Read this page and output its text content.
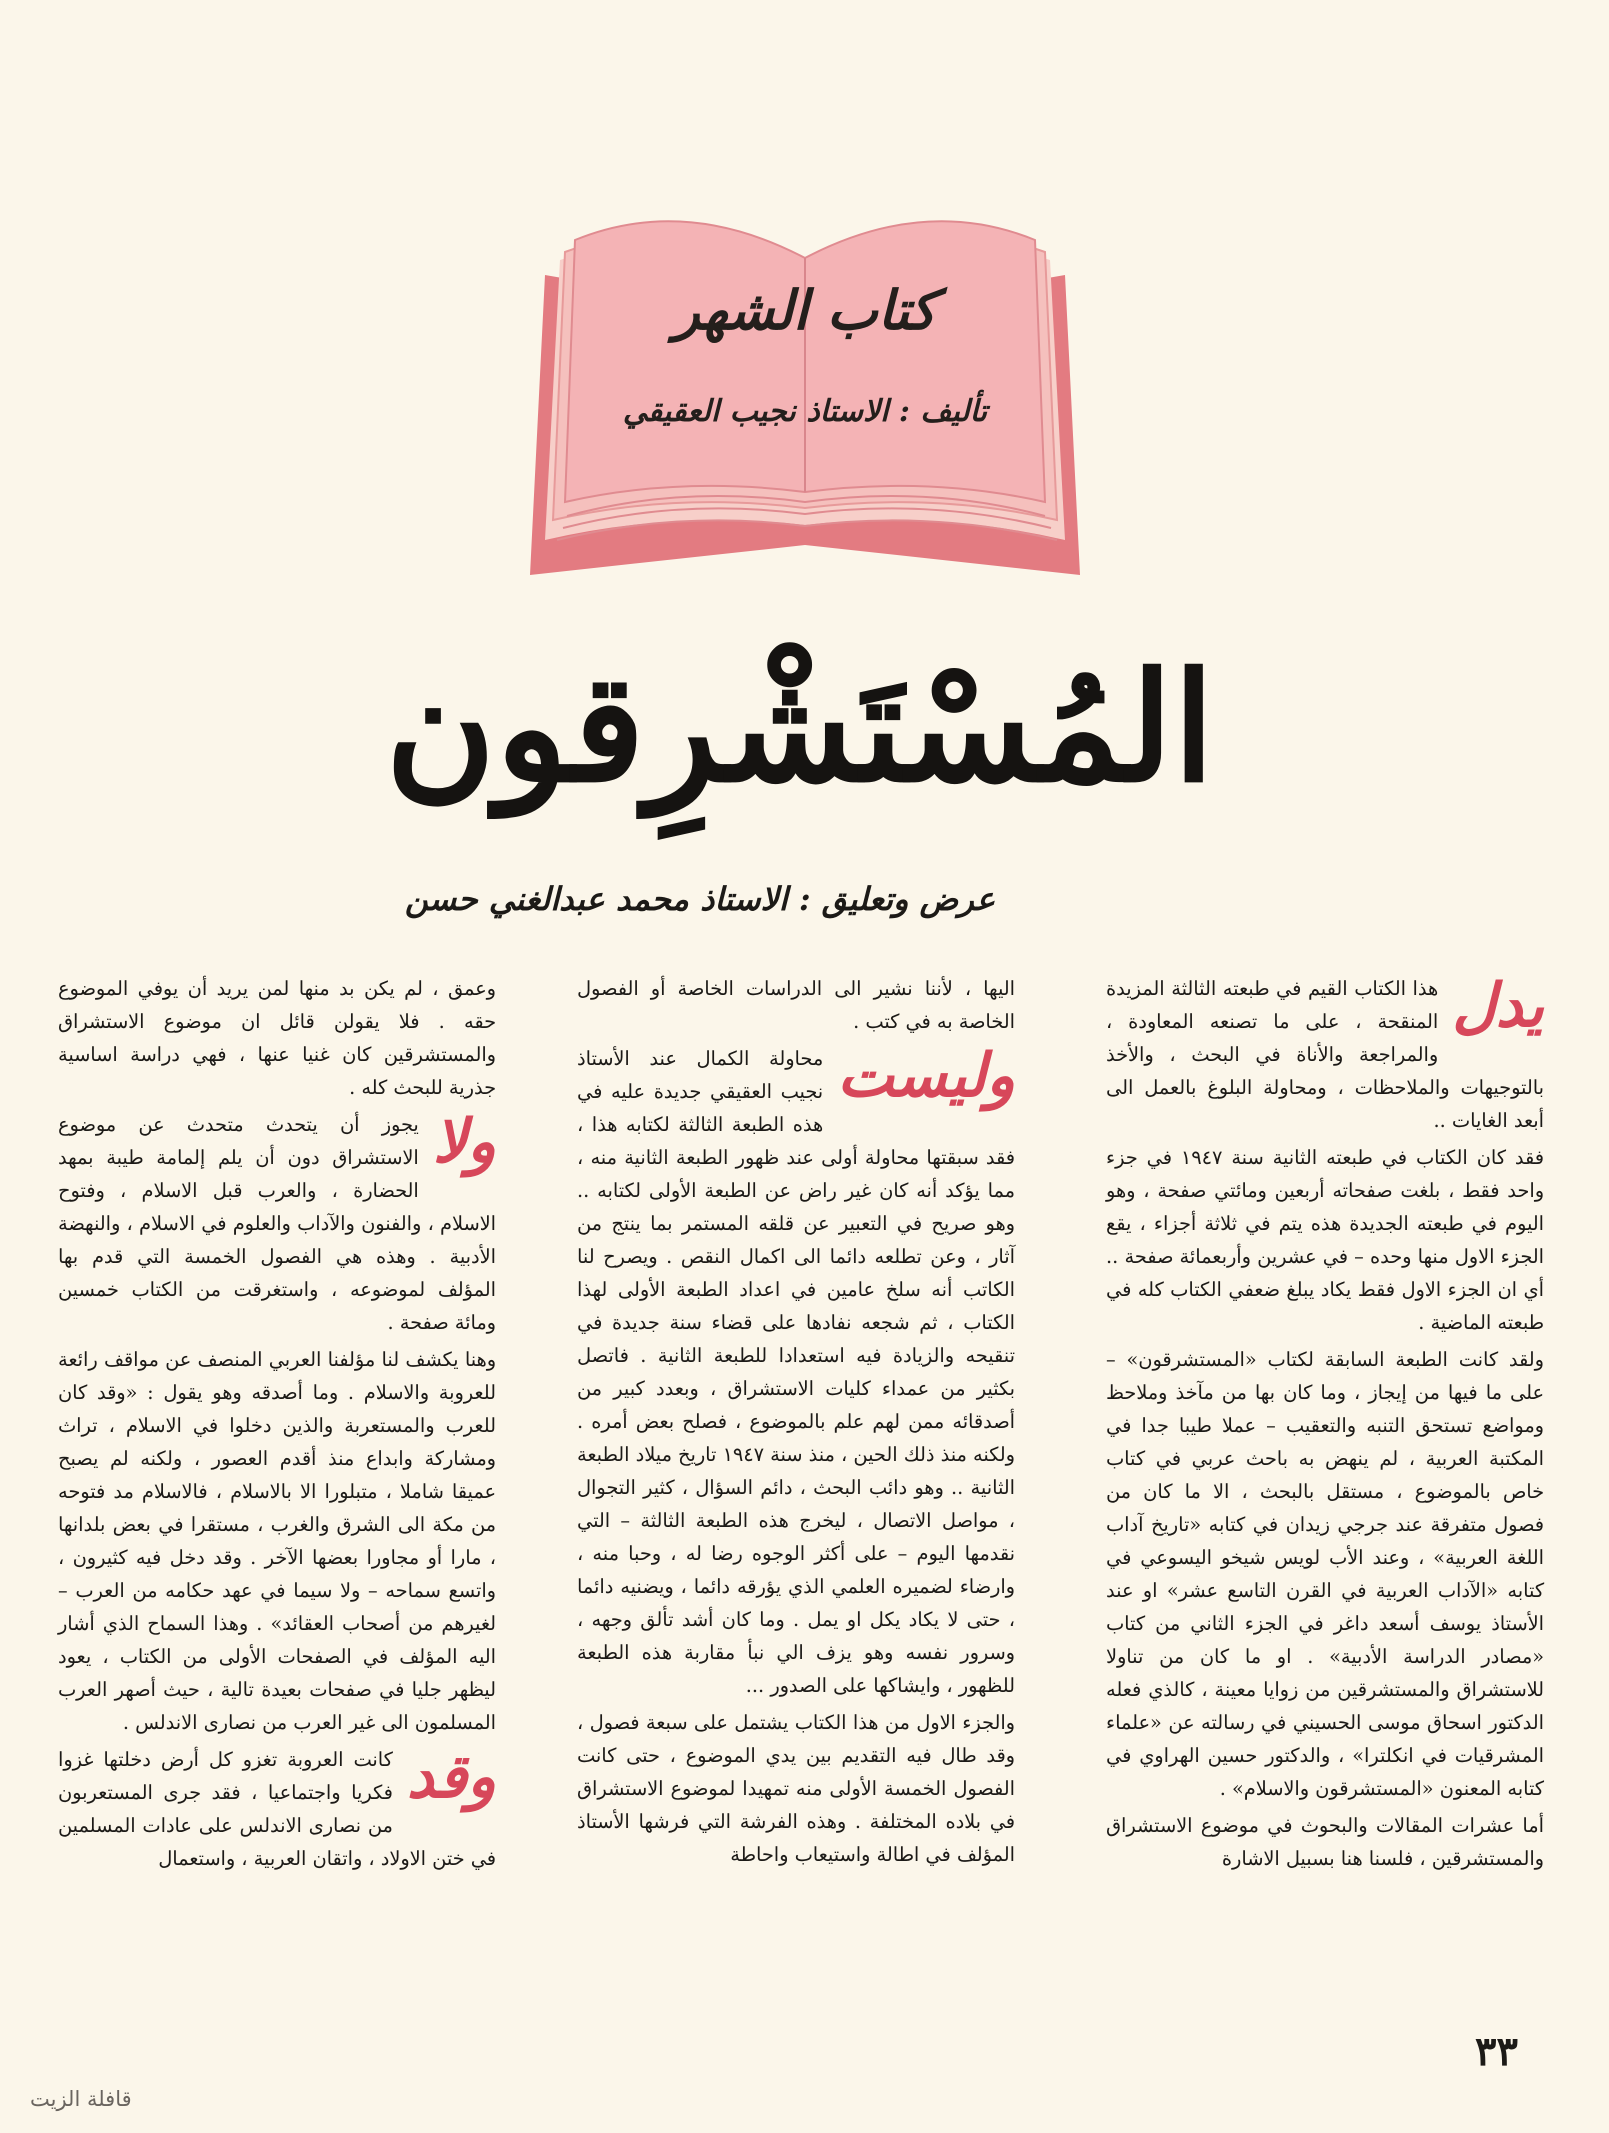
كتاب الشهر
تأليف : الاستاذ نجيب العقيقي
المُسْتَشْرِقون
عرض وتعليق : الاستاذ محمد عبدالغني حسن
يدل

هذا الكتاب القيم في طبعته الثالثة المزيدة المنقحة ، على ما تصنعه المعاودة ، والمراجعة والأناة في البحث ، والأخذ بالتوجيهات والملاحظات ، ومحاولة البلوغ بالعمل الى أبعد الغايات ..

فقد كان الكتاب في طبعته الثانية سنة ١٩٤٧ في جزء واحد فقط ، بلغت صفحاته أربعين ومائتي صفحة ، وهو اليوم في طبعته الجديدة هذه يتم في ثلاثة أجزاء ، يقع الجزء الاول منها وحده – في عشرين وأربعمائة صفحة .. أي ان الجزء الاول فقط يكاد يبلغ ضعفي الكتاب كله في طبعته الماضية .

ولقد كانت الطبعة السابقة لكتاب «المستشرقون» – على ما فيها من إيجاز ، وما كان بها من مآخذ وملاحظ ومواضع تستحق التنبه والتعقيب – عملا طيبا جدا في المكتبة العربية ، لم ينهض به باحث عربي في كتاب خاص بالموضوع ، مستقل بالبحث ، الا ما كان من فصول متفرقة عند جرجي زيدان في كتابه «تاريخ آداب اللغة العربية» ، وعند الأب لويس شيخو اليسوعي في كتابه «الآداب العربية في القرن التاسع عشر» او عند الأستاذ يوسف أسعد داغر في الجزء الثاني من كتاب «مصادر الدراسة الأدبية» . او ما كان من تناولا للاستشراق والمستشرقين من زوايا معينة ، كالذي فعله الدكتور اسحاق موسى الحسيني في رسالته عن «علماء المشرقيات في انكلترا» ، والدكتور حسين الهراوي في كتابه المعنون «المستشرقون والاسلام» .

أما عشرات المقالات والبحوث في موضوع الاستشراق والمستشرقين ، فلسنا هنا بسبيل الاشارة

اليها ، لأننا نشير الى الدراسات الخاصة أو الفصول الخاصة به في كتب .

وليست

محاولة الكمال عند الأستاذ نجيب العقيقي جديدة عليه في هذه الطبعة الثالثة لكتابه هذا ، فقد سبقتها محاولة أولى عند ظهور الطبعة الثانية منه ، مما يؤكد أنه كان غير راض عن الطبعة الأولى لكتابه .. وهو صريح في التعبير عن قلقه المستمر بما ينتج من آثار ، وعن تطلعه دائما الى اكمال النقص . ويصرح لنا الكاتب أنه سلخ عامين في اعداد الطبعة الأولى لهذا الكتاب ، ثم شجعه نفادها على قضاء سنة جديدة في تنقيحه والزيادة فيه استعدادا للطبعة الثانية . فاتصل بكثير من عمداء كليات الاستشراق ، وبعدد كبير من أصدقائه ممن لهم علم بالموضوع ، فصلح بعض أمره . ولكنه منذ ذلك الحين ، منذ سنة ١٩٤٧ تاريخ ميلاد الطبعة الثانية .. وهو دائب البحث ، دائم السؤال ، كثير التجوال ، مواصل الاتصال ، ليخرج هذه الطبعة الثالثة – التي نقدمها اليوم – على أكثر الوجوه رضا له ، وحبا منه ، وارضاء لضميره العلمي الذي يؤرقه دائما ، ويضنيه دائما ، حتى لا يكاد يكل او يمل . وما كان أشد تألق وجهه ، وسرور نفسه وهو يزف الي نبأ مقاربة هذه الطبعة للظهور ، وايشاكها على الصدور ...

والجزء الاول من هذا الكتاب يشتمل على سبعة فصول ، وقد طال فيه التقديم بين يدي الموضوع ، حتى كانت الفصول الخمسة الأولى منه تمهيدا لموضوع الاستشراق في بلاده المختلفة . وهذه الفرشة التي فرشها الأستاذ المؤلف في اطالة واستيعاب واحاطة

وعمق ، لم يكن بد منها لمن يريد أن يوفي الموضوع حقه . فلا يقولن قائل ان موضوع الاستشراق والمستشرقين كان غنيا عنها ، فهي دراسة اساسية جذرية للبحث كله .

ولا

يجوز أن يتحدث متحدث عن موضوع الاستشراق دون أن يلم إلمامة طيبة بمهد الحضارة ، والعرب قبل الاسلام ، وفتوح الاسلام ، والفنون والآداب والعلوم في الاسلام ، والنهضة الأدبية . وهذه هي الفصول الخمسة التي قدم بها المؤلف لموضوعه ، واستغرقت من الكتاب خمسين ومائة صفحة .

وهنا يكشف لنا مؤلفنا العربي المنصف عن مواقف رائعة للعروبة والاسلام . وما أصدقه وهو يقول : «وقد كان للعرب والمستعربة والذين دخلوا في الاسلام ، تراث ومشاركة وابداع منذ أقدم العصور ، ولكنه لم يصبح عميقا شاملا ، متبلورا الا بالاسلام ، فالاسلام مد فتوحه من مكة الى الشرق والغرب ، مستقرا في بعض بلدانها ، مارا أو مجاورا بعضها الآخر . وقد دخل فيه كثيرون ، واتسع سماحه – ولا سيما في عهد حكامه من العرب – لغيرهم من أصحاب العقائد» . وهذا السماح الذي أشار اليه المؤلف في الصفحات الأولى من الكتاب ، يعود ليظهر جليا في صفحات بعيدة تالية ، حيث أصهر العرب المسلمون الى غير العرب من نصارى الاندلس .

وقد

كانت العروبة تغزو كل أرض دخلتها غزوا فكريا واجتماعيا ، فقد جرى المستعربون من نصارى الاندلس على عادات المسلمين في ختن الاولاد ، واتقان العربية ، واستعمال

٣٣
قافلة الزيت
